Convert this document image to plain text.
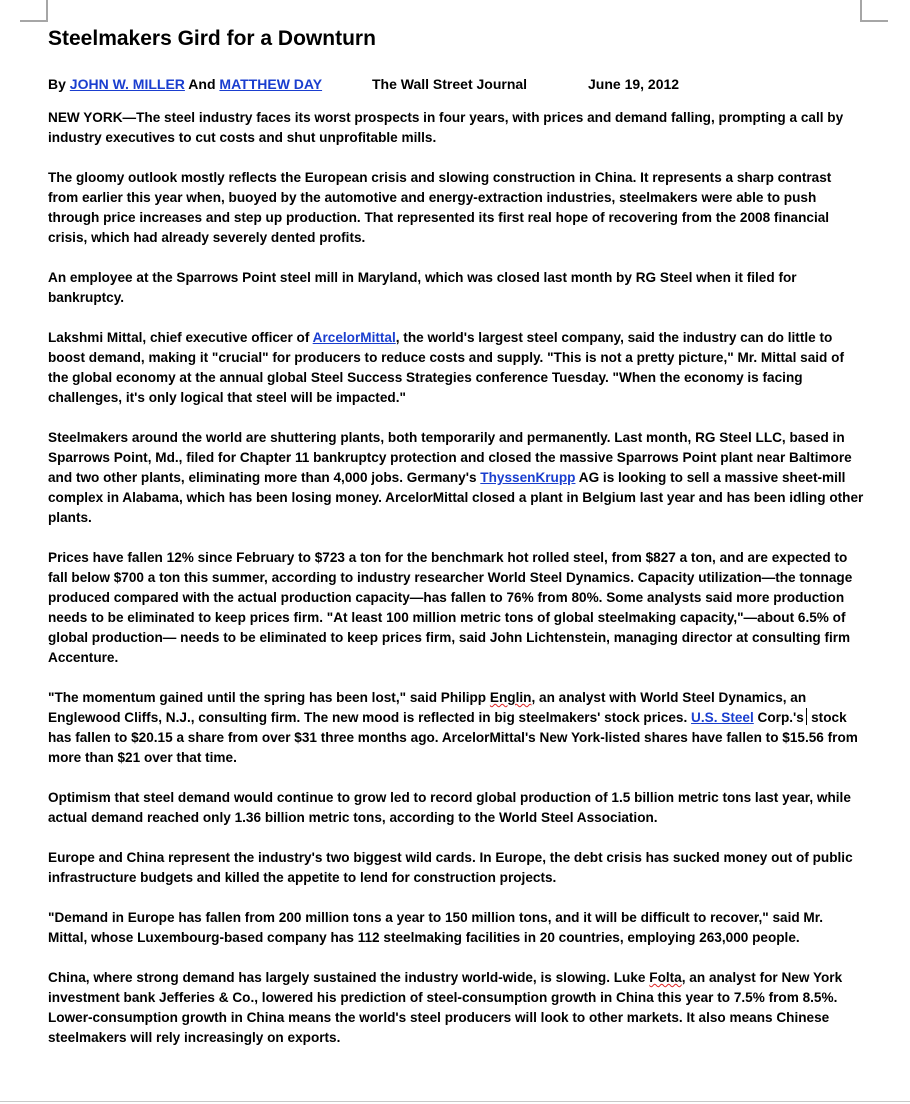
Steelmakers Gird for a Downturn
By JOHN W. MILLER And MATTHEW DAY	The Wall Street Journal	June 19, 2012

NEW YORK—The steel industry faces its worst prospects in four years, with prices and demand falling, prompting a call by industry executives to cut costs and shut unprofitable mills.

The gloomy outlook mostly reflects the European crisis and slowing construction in China. It represents a sharp contrast from earlier this year when, buoyed by the automotive and energy-extraction industries, steelmakers were able to push through price increases and step up production. That represented its first real hope of recovering from the 2008 financial crisis, which had already severely dented profits.

An employee at the Sparrows Point steel mill in Maryland, which was closed last month by RG Steel when it filed for bankruptcy.

Lakshmi Mittal, chief executive officer of ArcelorMittal, the world's largest steel company, said the industry can do little to boost demand, making it "crucial" for producers to reduce costs and supply. "This is not a pretty picture," Mr. Mittal said of the global economy at the annual global Steel Success Strategies conference Tuesday. "When the economy is facing challenges, it's only logical that steel will be impacted."

Steelmakers around the world are shuttering plants, both temporarily and permanently. Last month, RG Steel LLC, based in Sparrows Point, Md., filed for Chapter 11 bankruptcy protection and closed the massive Sparrows Point plant near Baltimore and two other plants, eliminating more than 4,000 jobs. Germany's ThyssenKrupp AG is looking to sell a massive sheet-mill complex in Alabama, which has been losing money. ArcelorMittal closed a plant in Belgium last year and has been idling other plants.

Prices have fallen 12% since February to $723 a ton for the benchmark hot rolled steel, from $827 a ton, and are expected to fall below $700 a ton this summer, according to industry researcher World Steel Dynamics. Capacity utilization—the tonnage produced compared with the actual production capacity—has fallen to 76% from 80%. Some analysts said more production needs to be eliminated to keep prices firm. "At least 100 million metric tons of global steelmaking capacity,"—about 6.5% of global production— needs to be eliminated to keep prices firm, said John Lichtenstein, managing director at consulting firm Accenture.

"The momentum gained until the spring has been lost," said Philipp Englin, an analyst with World Steel Dynamics, an Englewood Cliffs, N.J., consulting firm. The new mood is reflected in big steelmakers' stock prices. U.S. Steel Corp.'s stock has fallen to $20.15 a share from over $31 three months ago. ArcelorMittal's New York-listed shares have fallen to $15.56 from more than $21 over that time.

Optimism that steel demand would continue to grow led to record global production of 1.5 billion metric tons last year, while actual demand reached only 1.36 billion metric tons, according to the World Steel Association.

Europe and China represent the industry's two biggest wild cards. In Europe, the debt crisis has sucked money out of public infrastructure budgets and killed the appetite to lend for construction projects.

"Demand in Europe has fallen from 200 million tons a year to 150 million tons, and it will be difficult to recover," said Mr. Mittal, whose Luxembourg-based company has 112 steelmaking facilities in 20 countries, employing 263,000 people.

China, where strong demand has largely sustained the industry world-wide, is slowing. Luke Folta, an analyst for New York investment bank Jefferies & Co., lowered his prediction of steel-consumption growth in China this year to 7.5% from 8.5%. Lower-consumption growth in China means the world's steel producers will look to other markets. It also means Chinese steelmakers will rely increasingly on exports.
